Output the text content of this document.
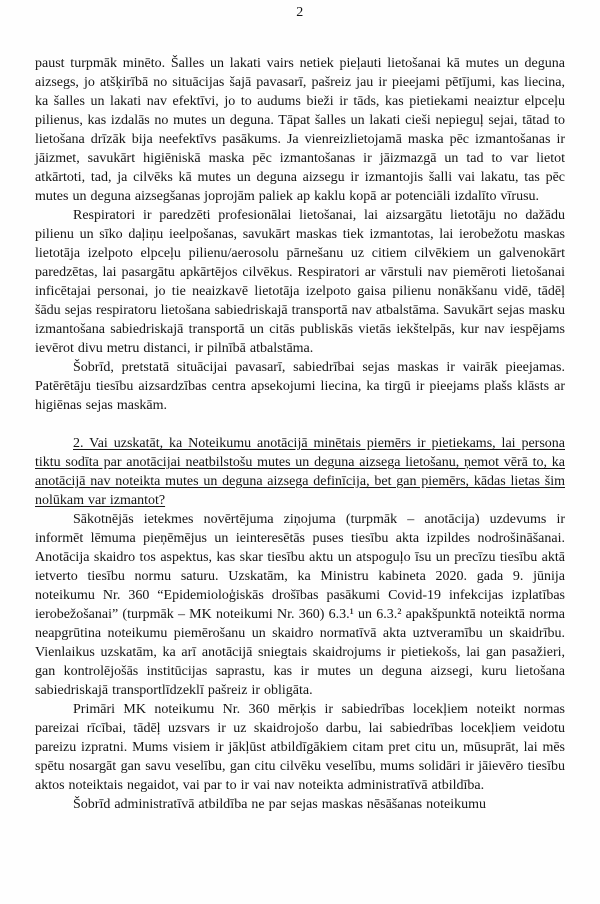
2

paust turpmāk minēto. Šalles un lakati vairs netiek pieļauti lietošanai kā mutes un deguna aizsegs, jo atšķirībā no situācijas šajā pavasarī, pašreiz jau ir pieejami pētījumi, kas liecina, ka šalles un lakati nav efektīvi, jo to audums bieži ir tāds, kas pietiekami neaiztur elpceļu pilienus, kas izdalās no mutes un deguna. Tāpat šalles un lakati cieši nepieguļ sejai, tātad to lietošana drīzāk bija neefektīvs pasākums. Ja vienreizlietojamā maska pēc izmantošanas ir jāizmet, savukārt higiēniskā maska pēc izmantošanas ir jāizmazgā un tad to var lietot atkārtoti, tad, ja cilvēks kā mutes un deguna aizsegu ir izmantojis šalli vai lakatu, tas pēc mutes un deguna aizsegšanas joprojām paliek ap kaklu kopā ar potenciāli izdalīto vīrusu.

Respiratori ir paredzēti profesionālai lietošanai, lai aizsargātu lietotāju no dažādu pilienu un sīko daļiņu ieelpošanas, savukārt maskas tiek izmantotas, lai ierobežotu maskas lietotāja izelpoto elpceļu pilienu/aerosolu pārnešanu uz citiem cilvēkiem un galvenokārt paredzētas, lai pasargātu apkārtējos cilvēkus. Respiratori ar vārstuli nav piemēroti lietošanai inficētajai personai, jo tie neaizkavē lietotāja izelpoto gaisa pilienu nonākšanu vidē, tādēļ šādu sejas respiratoru lietošana sabiedriskajā transportā nav atbalstāma. Savukārt sejas masku izmantošana sabiedriskajā transportā un citās publiskās vietās iekštelpās, kur nav iespējams ievērot divu metru distanci, ir pilnībā atbalstāma.

Šobrīd, pretstatā situācijai pavasarī, sabiedrībai sejas maskas ir vairāk pieejamas. Patērētāju tiesību aizsardzības centra apsekojumi liecina, ka tirgū ir pieejams plašs klāsts ar higiēnas sejas maskām.

2. Vai uzskatāt, ka Noteikumu anotācijā minētais piemērs ir pietiekams, lai persona tiktu sodīta par anotācijai neatbilstošu mutes un deguna aizsega lietošanu, ņemot vērā to, ka anotācijā nav noteikta mutes un deguna aizsega definīcija, bet gan piemērs, kādas lietas šim nolūkam var izmantot?

Sākotnējās ietekmes novērtējuma ziņojuma (turpmāk – anotācija) uzdevums ir informēt lēmuma pieņēmējus un ieinteresētās puses tiesību akta izpildes nodrošināšanai. Anotācija skaidro tos aspektus, kas skar tiesību aktu un atspoguļo īsu un precīzu tiesību aktā ietverto tiesību normu saturu. Uzskatām, ka Ministru kabineta 2020. gada 9. jūnija noteikumu Nr. 360 “Epidemioloģiskās drošības pasākumi Covid-19 infekcijas izplatības ierobežošanai” (turpmāk – MK noteikumi Nr. 360) 6.3.¹ un 6.3.² apakšpunktā noteiktā norma neapgrūtina noteikumu piemērošanu un skaidro normatīvā akta uztveramību un skaidrību. Vienlaikus uzskatām, ka arī anotācijā sniegtais skaidrojums ir pietiekošs, lai gan pasažieri, gan kontrolējošās institūcijas saprastu, kas ir mutes un deguna aizsegi, kuru lietošana sabiedriskajā transportlīdzeklī pašreiz ir obligāta.

Primāri MK noteikumu Nr. 360 mērķis ir sabiedrības locekļiem noteikt normas pareizai rīcībai, tādēļ uzsvars ir uz skaidrojošo darbu, lai sabiedrības locekļiem veidotu pareizu izpratni. Mums visiem ir jākļūst atbildīgākiem citam pret citu un, mūsuprāt, lai mēs spētu nosargāt gan savu veselību, gan citu cilvēku veselību, mums solidāri ir jāievēro tiesību aktos noteiktais negaidot, vai par to ir vai nav noteikta administratīvā atbildība.

Šobrīd administratīvā atbildība ne par sejas maskas nēsāšanas noteikumu
